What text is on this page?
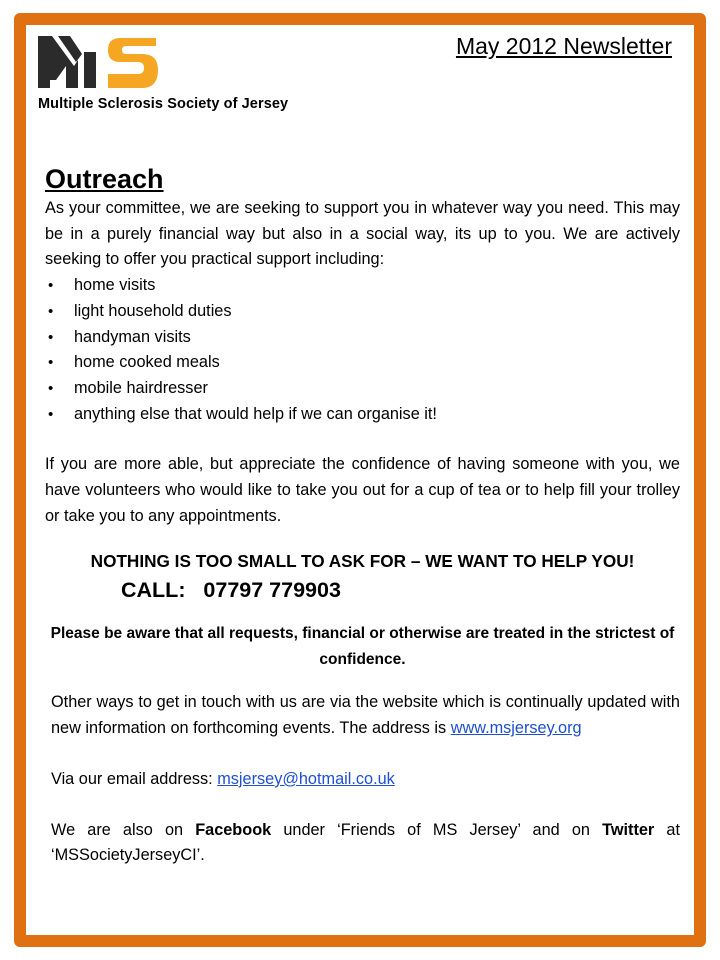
Multiple Sclerosis Society of Jersey
May 2012 Newsletter
Outreach

As your committee, we are seeking to support you in whatever way you need. This may be in a purely financial way but also in a social way, its up to you. We are actively seeking to offer you practical support including:

• home visits
• light household duties
• handyman visits
• home cooked meals
• mobile hairdresser
• anything else that would help if we can organise it!

If you are more able, but appreciate the confidence of having someone with you, we have volunteers who would like to take you out for a cup of tea or to help fill your trolley or take you to any appointments.

NOTHING IS TOO SMALL TO ASK FOR – WE WANT TO HELP YOU!

CALL: 07797 779903

Please be aware that all requests, financial or otherwise are treated in the strictest of confidence.

Other ways to get in touch with us are via the website which is continually updated with new information on forthcoming events. The address is www.msjersey.org

Via our email address: msjersey@hotmail.co.uk

We are also on Facebook under ‘Friends of MS Jersey’ and on Twitter at ‘MSSocietyJerseyCI’.
